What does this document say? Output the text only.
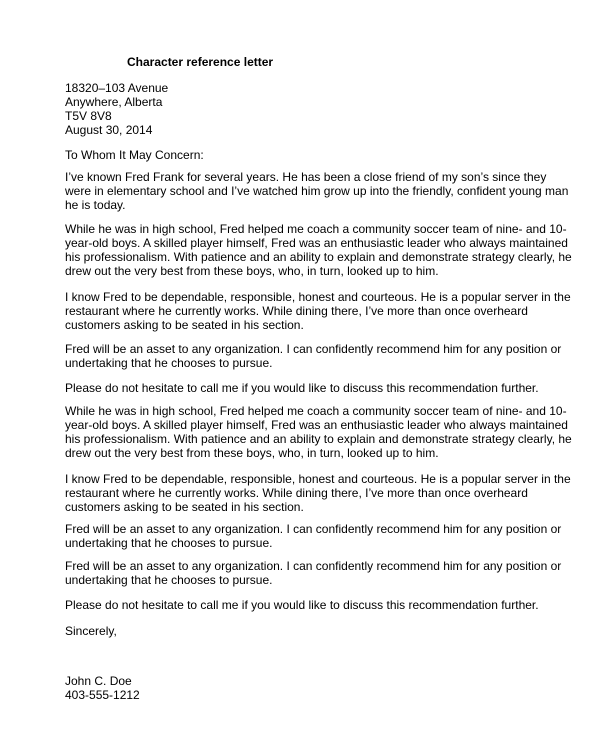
Character reference letter
18320–103 Avenue
Anywhere, Alberta
T5V 8V8
August 30, 2014
To Whom It May Concern:
I’ve known Fred Frank for several years. He has been a close friend of my son’s since they
were in elementary school and I’ve watched him grow up into the friendly, confident young man
he is today.
While he was in high school, Fred helped me coach a community soccer team of nine- and 10-
year-old boys. A skilled player himself, Fred was an enthusiastic leader who always maintained
his professionalism. With patience and an ability to explain and demonstrate strategy clearly, he
drew out the very best from these boys, who, in turn, looked up to him.
I know Fred to be dependable, responsible, honest and courteous. He is a popular server in the
restaurant where he currently works. While dining there, I’ve more than once overheard
customers asking to be seated in his section.
Fred will be an asset to any organization. I can confidently recommend him for any position or
undertaking that he chooses to pursue.
Please do not hesitate to call me if you would like to discuss this recommendation further.
While he was in high school, Fred helped me coach a community soccer team of nine- and 10-
year-old boys. A skilled player himself, Fred was an enthusiastic leader who always maintained
his professionalism. With patience and an ability to explain and demonstrate strategy clearly, he
drew out the very best from these boys, who, in turn, looked up to him.
I know Fred to be dependable, responsible, honest and courteous. He is a popular server in the
restaurant where he currently works. While dining there, I’ve more than once overheard
customers asking to be seated in his section.
Fred will be an asset to any organization. I can confidently recommend him for any position or
undertaking that he chooses to pursue.
Fred will be an asset to any organization. I can confidently recommend him for any position or
undertaking that he chooses to pursue.
Please do not hesitate to call me if you would like to discuss this recommendation further.
Sincerely,
John C. Doe
403-555-1212
